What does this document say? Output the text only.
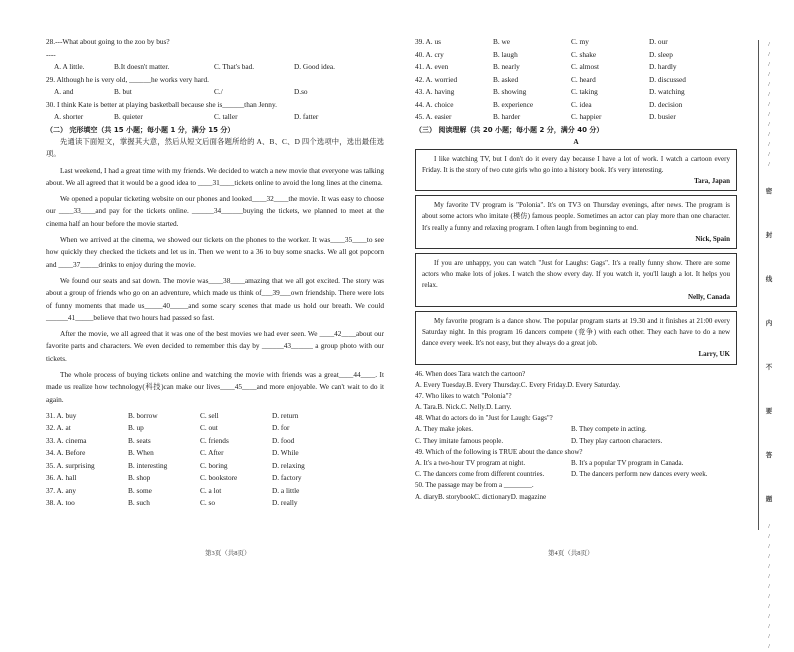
28.---What about going to the zoo by bus?
----
A. A little.	B.It doesn't matter.	C. That's bad.	D. Good idea.
29. Although he is very old, ______he works very hard.
A. and	B. but	C./	D.so
30. I think Kate is better at playing basketball because she is______than Jenny.
A. shorter	B. quieter	C. taller	D. fatter
（二） 完形填空（共 15 小题；每小题 1 分，满分 15 分）

先通读下面短文，掌握其大意，然后从短文后面各题所给的 A、B、C、D 四个选项中，选出最佳选项。

Last weekend, I had a great time with my friends. We decided to watch a new movie that everyone was talking about. We all agreed that it would be a good idea to ____31____tickets online to avoid the long lines at the cinema.

We opened a popular ticketing website on our phones and looked____32____the movie. It was easy to choose our ____33____and pay for the tickets online. ______34______buying the tickets, we planned to meet at the cinema half an hour before the movie started.

When we arrived at the cinema, we showed our tickets on the phones to the worker. It was____35____to see how quickly they checked the tickets and let us in. Then we went to a 36 to buy some snacks. We all got popcorn and ____37_____drinks to enjoy during the movie.

We found our seats and sat down. The movie was____38____amazing that we all got excited. The story was about a group of friends who go on an adventure, which made us think of___39___own friendship. There were lots of funny moments that made us_____40_____and some scary scenes that made us hold our breath. We could ______41_____believe that two hours had passed so fast.

After the movie, we all agreed that it was one of the best movies we had ever seen. We ____42____about our favorite parts and characters. We even decided to remember this day by ______43______ a group photo with our tickets.

The whole process of buying tickets online and watching the movie with friends was a great____44____. It made us realize how technology(科技)can make our lives____45____and more enjoyable. We can't wait to do it again.

31. A. buy	B. borrow	C. sell	D. return
32. A. at	B. up	C. out	D. for
33. A. cinema	B. seats	C. friends	D. food
34. A. Before	B. When	C. After	D. While
35. A. surprising	B. interesting	C. boring	D. relaxing
36. A. hall	B. shop	C. bookstore	D. factory
37. A. any	B. some	C. a lot	D. a little
38. A. too	B. such	C. so	D. really
第3页（共8页）
39. A. us	B. we	C. my	D. our
40. A. cry	B. laugh	C. shake	D. sleep
41. A. even	B. nearly	C. almost	D. hardly
42. A. worried	B. asked	C. heard	D. discussed
43. A. having	B. showing	C. taking	D. watching
44. A. choice	B. experience	C. idea	D. decision
45. A. easier	B. harder	C. happier	D. busier
（三） 阅读理解（共 20 小题；每小题 2 分，满分 40 分）
A

I like watching TV, but I don't do it every day because I have a lot of work. I watch a cartoon every Friday. It is the story of two cute girls who go into a history book. It's very interesting.

Tara, Japan

My favorite TV program is "Polonia". It's on TV3 on Thursday evenings, after news. The program is about some actors who imitate (模仿) famous people. Sometimes an actor can play more than one character. It's really a funny and relaxing program. I often laugh from beginning to end.

Nick, Spain

If you are unhappy, you can watch "Just for Laughs: Gags". It's a really funny show. There are some actors who make lots of jokes. I watch the show every day. If you watch it, you'll laugh a lot. It helps you relax.

Nelly, Canada

My favorite program is a dance show. The popular program starts at 19.30 and it finishes at 21:00 every Saturday night. In this program 16 dancers compete (竞争) with each other. They each have to do a new dance every week. It's not easy, but they always do a great job.

Larry, UK
46. When does Tara watch the cartoon?
A. Every Tuesday. B. Every Thursday. C. Every Friday. D. Every Saturday.
47. Who likes to watch "Polonia"?
A. Tara. B. Nick. C. Nelly. D. Larry.
48. What do actors do in "Just for Laugh: Gags"?
A. They make jokes.	B. They compete in acting.
C. They imitate famous people.	D. They play cartoon characters.
49. Which of the following is TRUE about the dance show?
A. It's a two-hour TV program at night.	B. It's a popular TV program in Canada.
C. The dancers come from different countries.	D. The dancers perform new dances every week.
50. The passage may be from a ________.
A. diary B. storybook C. dictionary D. magazine
第4页（共8页）
/
/
/
/
/
/
/
/
/
/
/
/
/
密
封
线
内
不
要
答
题
/
/
/
/
/
/
/
/
/
/
/
/
/
